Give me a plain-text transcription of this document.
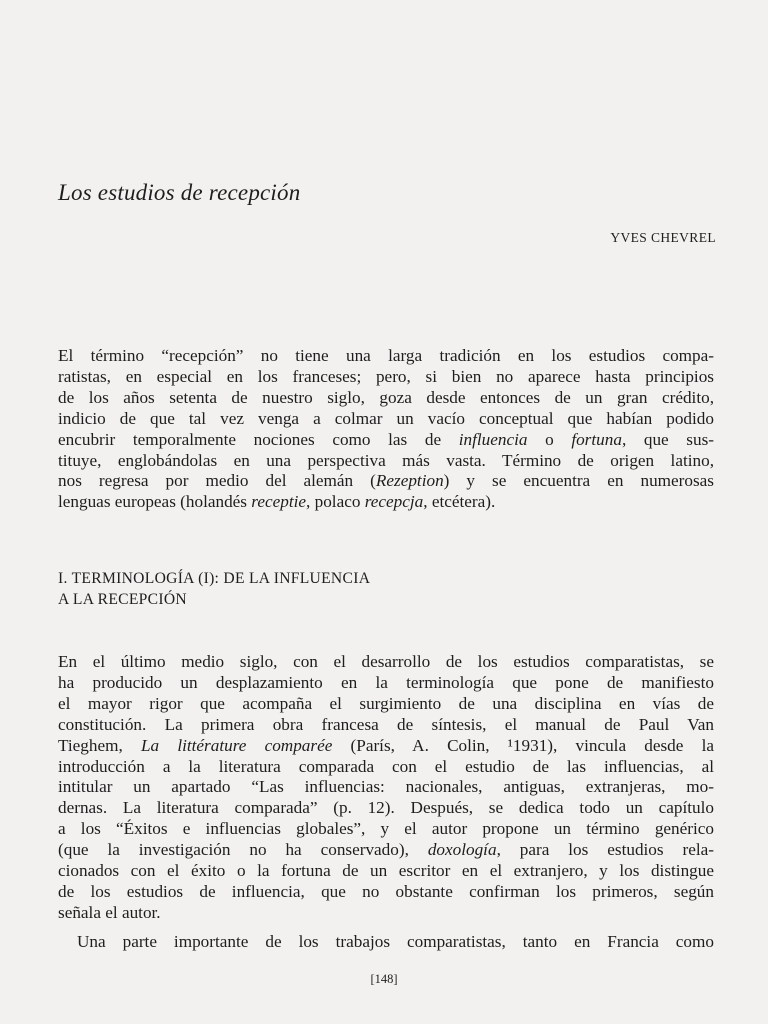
Los estudios de recepción
YVES CHEVREL
El término “recepción” no tiene una larga tradición en los estudios compa-
ratistas, en especial en los franceses; pero, si bien no aparece hasta principios
de los años setenta de nuestro siglo, goza desde entonces de un gran crédito,
indicio de que tal vez venga a colmar un vacío conceptual que habían podido
encubrir temporalmente nociones como las de influencia o fortuna, que sus-
tituye, englobándolas en una perspectiva más vasta. Término de origen latino,
nos regresa por medio del alemán (Rezeption) y se encuentra en numerosas
lenguas europeas (holandés receptie, polaco recepcja, etcétera).
I. TERMINOLOGÍA (I): DE LA INFLUENCIA
A LA RECEPCIÓN
En el último medio siglo, con el desarrollo de los estudios comparatistas, se
ha producido un desplazamiento en la terminología que pone de manifiesto
el mayor rigor que acompaña el surgimiento de una disciplina en vías de
constitución. La primera obra francesa de síntesis, el manual de Paul Van
Tieghem, La littérature comparée (París, A. Colin, ¹1931), vincula desde la
introducción a la literatura comparada con el estudio de las influencias, al
intitular un apartado “Las influencias: nacionales, antiguas, extranjeras, mo-
dernas. La literatura comparada” (p. 12). Después, se dedica todo un capítulo
a los “Éxitos e influencias globales”, y el autor propone un término genérico
(que la investigación no ha conservado), doxología, para los estudios rela-
cionados con el éxito o la fortuna de un escritor en el extranjero, y los distingue
de los estudios de influencia, que no obstante confirman los primeros, según
señala el autor.
Una parte importante de los trabajos comparatistas, tanto en Francia como
[148]
